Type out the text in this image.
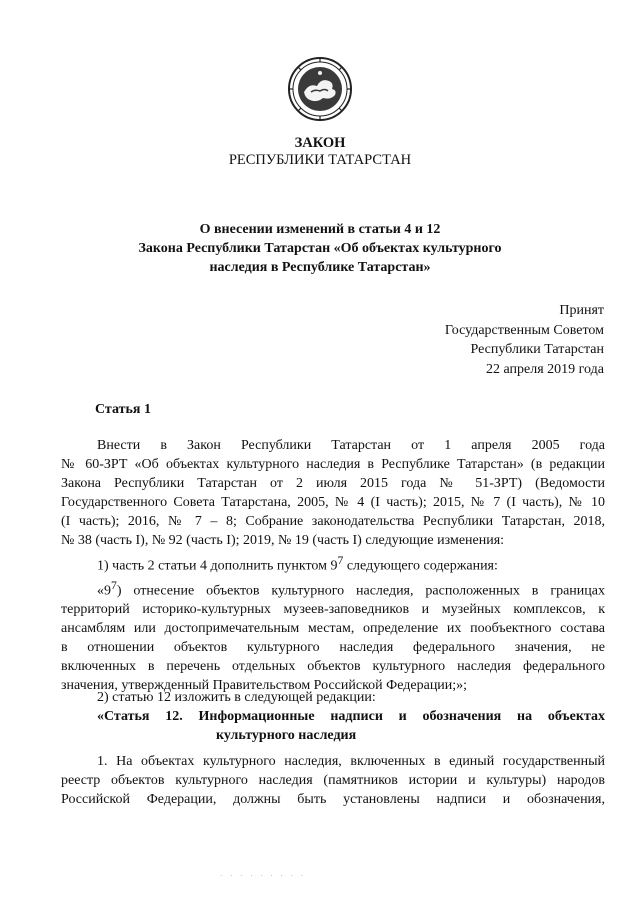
ЗАКОН
РЕСПУБЛИКИ ТАТАРСТАН
О внесении изменений в статьи 4 и 12
Закона Республики Татарстан «Об объектах культурного
наследия в Республике Татарстан»
Принят
Государственным Советом
Республики Татарстан
22 апреля 2019 года
Статья 1
Внести в Закон Республики Татарстан от 1 апреля 2005 года
№ 60-ЗРТ «Об объектах культурного наследия в Республике Татарстан» (в редакции
Закона Республики Татарстан от 2 июля 2015 года № 51-ЗРТ) (Ведомости
Государственного Совета Татарстана, 2005, № 4 (I часть); 2015, № 7 (I часть), № 10
(I часть); 2016, № 7 – 8; Собрание законодательства Республики Татарстан, 2018,
№ 38 (часть I), № 92 (часть I); 2019, № 19 (часть I) следующие изменения:
1) часть 2 статьи 4 дополнить пунктом $9^7$ следующего содержания:
«$9^7$) отнесение объектов культурного наследия, расположенных в границах
территорий историко-культурных музеев-заповедников и музейных комплексов, к
ансамблям или достопримечательным местам, определение их пообъектного состава
в отношении объектов культурного наследия федерального значения, не
включенных в перечень отдельных объектов культурного наследия федерального
значения, утвержденный Правительством Российской Федерации;»;
2) статью 12 изложить в следующей редакции:
«Статья 12. Информационные надписи и обозначения на объектах
культурного наследия
1. На объектах культурного наследия, включенных в единый государственный
реестр объектов культурного наследия (памятников истории и культуры) народов
Российской Федерации, должны быть установлены надписи и обозначения,
· · · · · · · · ·
